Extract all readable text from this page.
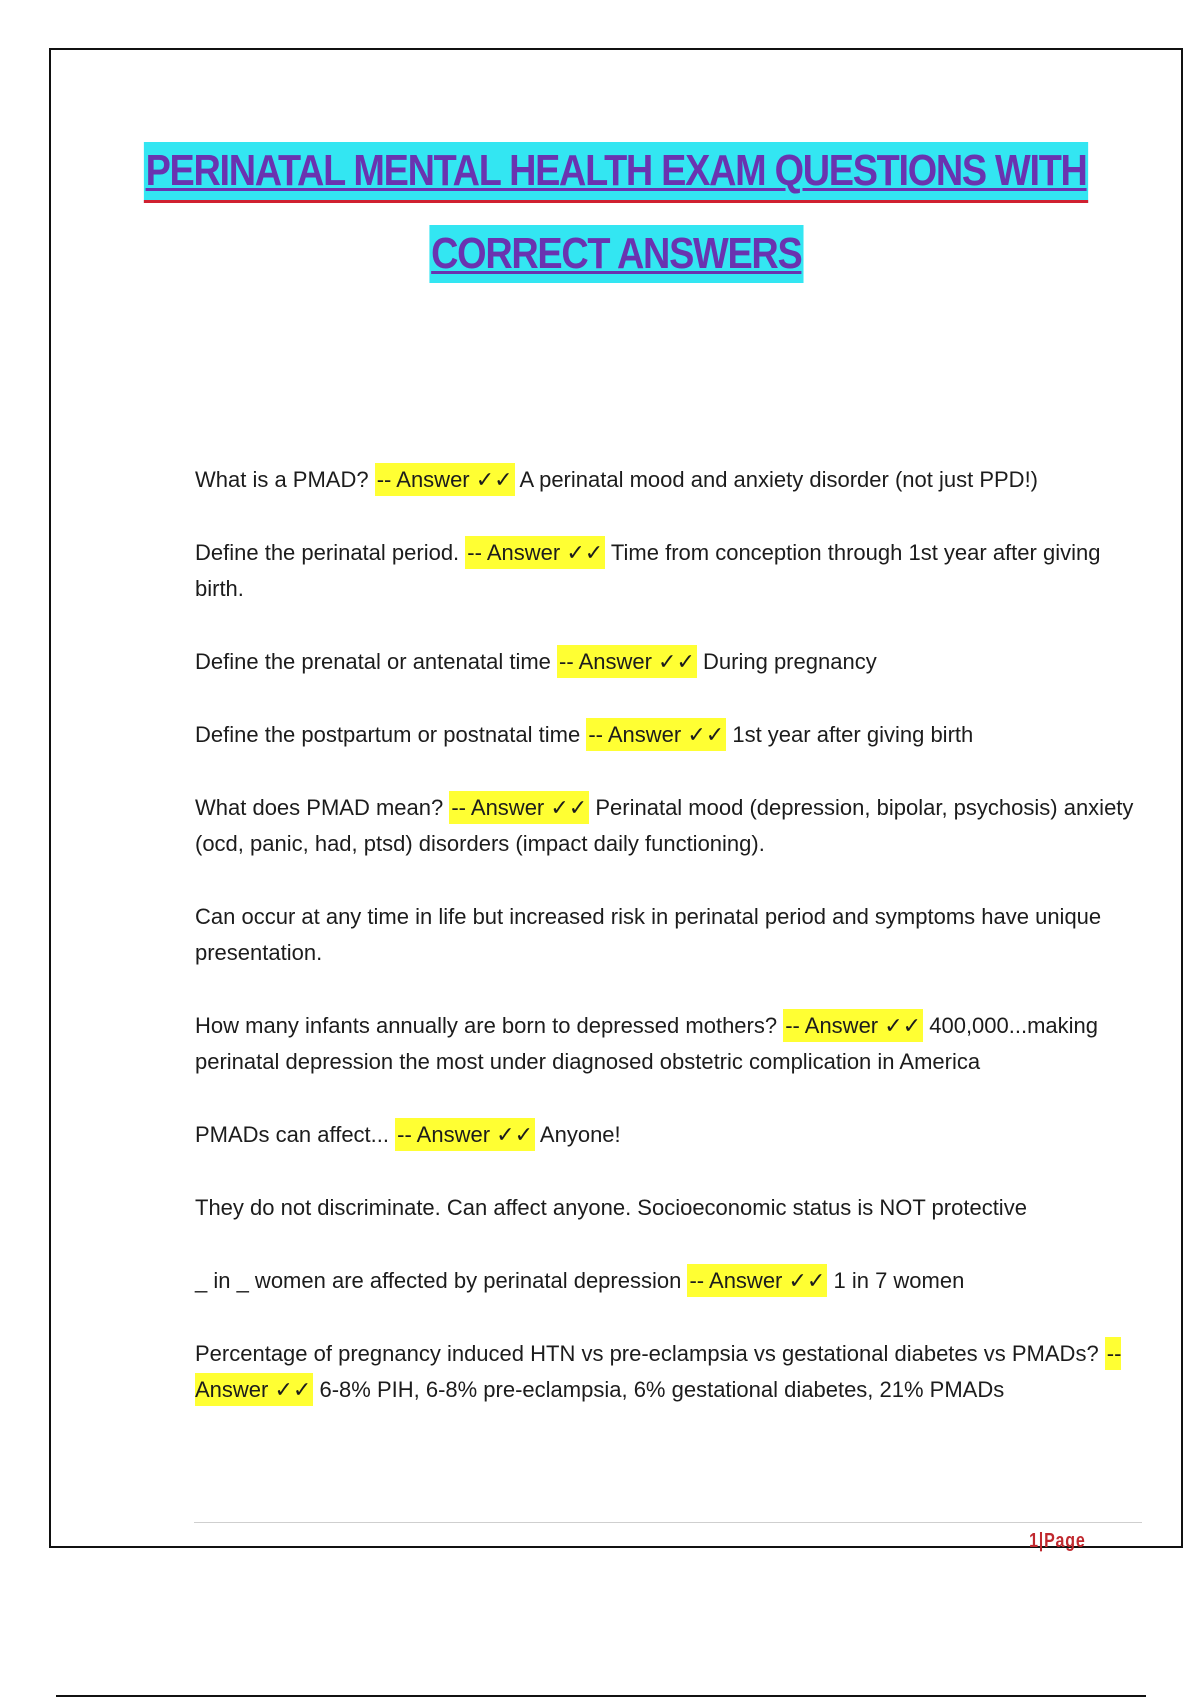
PERINATAL MENTAL HEALTH EXAM QUESTIONS WITH
CORRECT ANSWERS

What is a PMAD? -- Answer ✓✓ A perinatal mood and anxiety disorder (not just PPD!)

Define the perinatal period. -- Answer ✓✓ Time from conception through 1st year after giving birth.

Define the prenatal or antenatal time -- Answer ✓✓ During pregnancy

Define the postpartum or postnatal time -- Answer ✓✓ 1st year after giving birth

What does PMAD mean? -- Answer ✓✓ Perinatal mood (depression, bipolar, psychosis) anxiety (ocd, panic, had, ptsd) disorders (impact daily functioning).

Can occur at any time in life but increased risk in perinatal period and symptoms have unique presentation.

How many infants annually are born to depressed mothers? -- Answer ✓✓ 400,000...making perinatal depression the most under diagnosed obstetric complication in America

PMADs can affect... -- Answer ✓✓ Anyone!

They do not discriminate. Can affect anyone. Socioeconomic status is NOT protective

_ in _ women are affected by perinatal depression -- Answer ✓✓ 1 in 7 women

Percentage of pregnancy induced HTN vs pre-eclampsia vs gestational diabetes vs PMADs? -- Answer ✓✓ 6-8% PIH, 6-8% pre-eclampsia, 6% gestational diabetes, 21% PMADs

1|Page
